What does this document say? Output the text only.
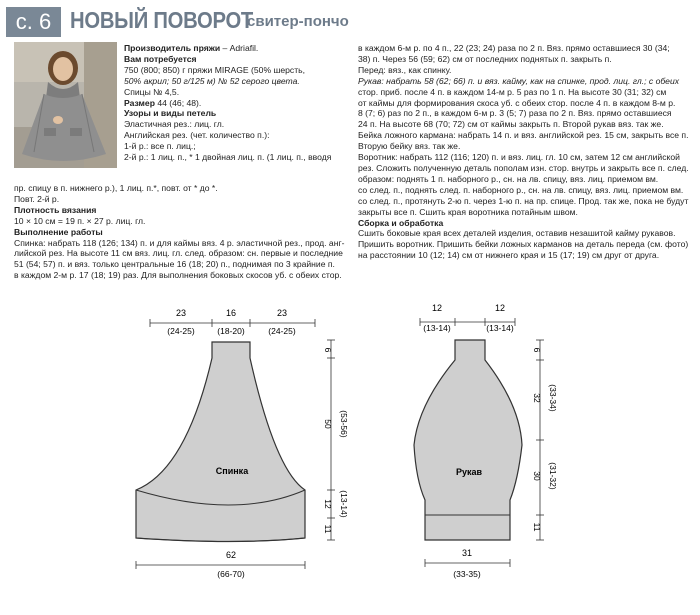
с. 6 НОВЫЙ ПОВОРОТ
свитер-пончо

Производитель пряжи – Adriafil.

Вам потребуется

750 (800; 850) г пряжи MIRAGE (50% шерсть,

50% акрил; 50 г/125 м) № 52 серого цвета.

Спицы № 4,5.

Размер 44 (46; 48).

Узоры и виды петель

Эластичная рез.: лиц. гл.

Английская рез. (чет. количество п.):

1-й р.: все п. лиц.;

2-й р.: 1 лиц. п., * 1 двойная лиц. п. (1 лиц. п., вводя

пр. спицу в п. нижнего р.), 1 лиц. п.*, повт. от * до *.

Повт. 2-й р.

Плотность вязания

10 × 10 см = 19 п. × 27 р. лиц. гл.

Выполнение работы

Спинка: набрать 118 (126; 134) п. и для каймы вяз. 4 р. эластичной рез., прод. анг-

лийской рез. На высоте 11 см вяз. лиц. гл. след. образом: сн. первые и последние

51 (54; 57) п. и вяз. только центральные 16 (18; 20) п., поднимая по 3 крайние п.

в каждом 2-м р. 17 (18; 19) раз. Для выполнения боковых скосов уб. с обеих стор.

в каждом 6-м р. по 4 п., 22 (23; 24) раза по 2 п. Вяз. прямо оставшиеся 30 (34;

38) п. Через 56 (59; 62) см от последних поднятых п. закрыть п.

Перед: вяз., как спинку.

Рукав: набрать 58 (62; 66) п. и вяз. кайму, как на спинке, прод. лиц. гл.; с обеих

стор. приб. после 4 п. в каждом 14-м р. 5 раз по 1 п. На высоте 30 (31; 32) см

от каймы для формирования скоса уб. с обеих стор. после 4 п. в каждом 8-м р.

8 (7; 6) раз по 2 п., в каждом 6-м р. 3 (5; 7) раза по 2 п. Вяз. прямо оставшиеся

24 п. На высоте 68 (70; 72) см от каймы закрыть п. Второй рукав вяз. так же.

Бейка ложного кармана: набрать 14 п. и вяз. английской рез. 15 см, закрыть все п.

Вторую бейку вяз. так же.

Воротник: набрать 112 (116; 120) п. и вяз. лиц. гл. 10 см, затем 12 см английской

рез. Сложить полученную деталь пополам изн. стор. внутрь и закрыть все п. след.

образом: поднять 1 п. наборного р., сн. на лв. спицу, вяз. лиц. приемом вм.

со след. п., поднять след. п. наборного р., сн. на лв. спицу, вяз. лиц. приемом вм.

со след. п., протянуть 2-ю п. через 1-ю п. на пр. спице. Прод. так же, пока не будут

закрыты все п. Сшить края воротника потайным швом.

Сборка и обработка

Сшить боковые края всех деталей изделия, оставив незашитой кайму рукавов.

Пришить воротник. Пришить бейки ложных карманов на деталь переда (см. фото)

на расстоянии 10 (12; 14) см от нижнего края и 15 (17; 19) см друг от друга.

23
(24-25)
16
(18-20)
23
(24-25)
6
50 (53-56)
12 (13-14)
11
62
(66-70)
Спинка
12
(13-14)
12
(13-14)
6
32 (33-34)
30 (31-32)
11
31
(33-35)
Рукав
